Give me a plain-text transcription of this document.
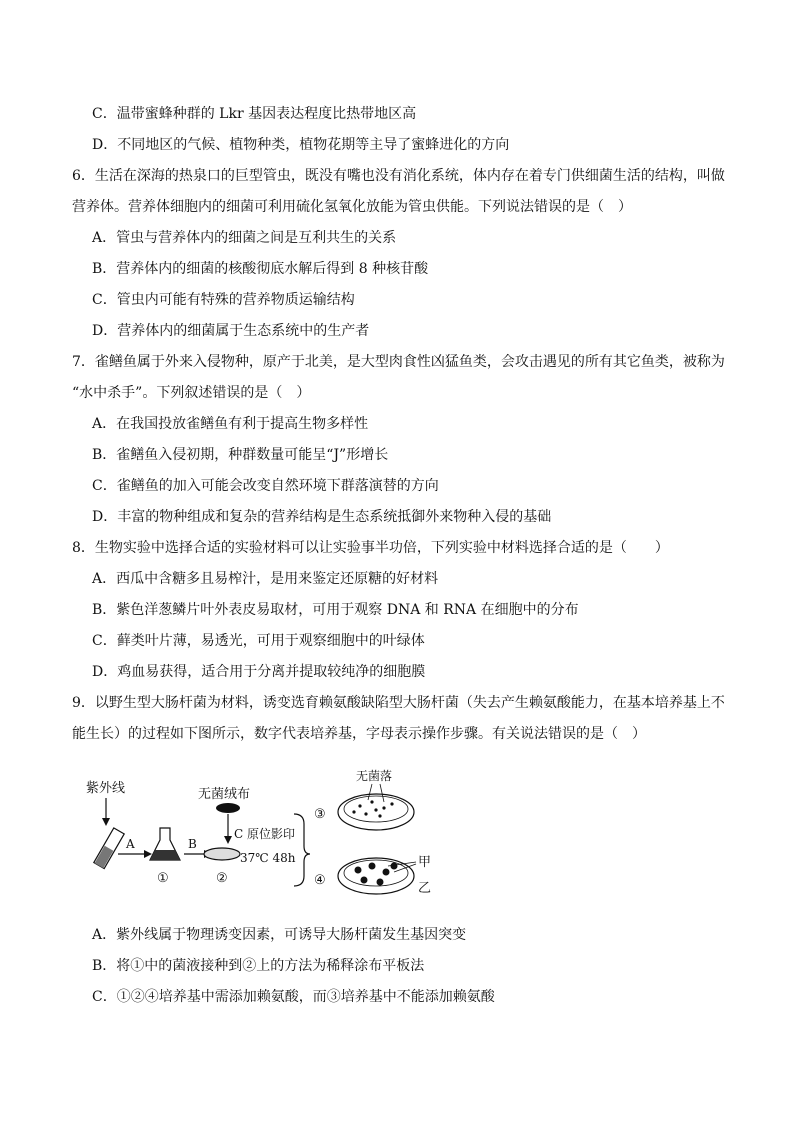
C．温带蜜蜂种群的 Lkr 基因表达程度比热带地区高
D．不同地区的气候、植物种类，植物花期等主导了蜜蜂进化的方向
6．生活在深海的热泉口的巨型管虫，既没有嘴也没有消化系统，体内存在着专门供细菌生活的结构，叫做
营养体。营养体细胞内的细菌可利用硫化氢氧化放能为管虫供能。下列说法错误的是（　）
A．管虫与营养体内的细菌之间是互利共生的关系
B．营养体内的细菌的核酸彻底水解后得到 8 种核苷酸
C．管虫内可能有特殊的营养物质运输结构
D．营养体内的细菌属于生态系统中的生产者
7．雀鳝鱼属于外来入侵物种，原产于北美，是大型肉食性凶猛鱼类，会攻击遇见的所有其它鱼类，被称为
“水中杀手”。下列叙述错误的是（　）
A．在我国投放雀鳝鱼有利于提高生物多样性
B．雀鳝鱼入侵初期，种群数量可能呈“J”形增长
C．雀鳝鱼的加入可能会改变自然环境下群落演替的方向
D．丰富的物种组成和复杂的营养结构是生态系统抵御外来物种入侵的基础
8．生物实验中选择合适的实验材料可以让实验事半功倍，下列实验中材料选择合适的是（　　）
A．西瓜中含糖多且易榨汁，是用来鉴定还原糖的好材料
B．紫色洋葱鳞片叶外表皮易取材，可用于观察 DNA 和 RNA 在细胞中的分布
C．藓类叶片薄，易透光，可用于观察细胞中的叶绿体
D．鸡血易获得，适合用于分离并提取较纯净的细胞膜
9．以野生型大肠杆菌为材料，诱变选育赖氨酸缺陷型大肠杆菌（失去产生赖氨酸能力，在基本培养基上不
能生长）的过程如下图所示，数字代表培养基，字母表示操作步骤。有关说法错误的是（　）
紫外线
A
①
B
无菌绒布
②
C 原位影印
37℃ 48h
③
④
无菌落
甲
乙
A．紫外线属于物理诱变因素，可诱导大肠杆菌发生基因突变
B．将①中的菌液接种到②上的方法为稀释涂布平板法
C．①②④培养基中需添加赖氨酸，而③培养基中不能添加赖氨酸
